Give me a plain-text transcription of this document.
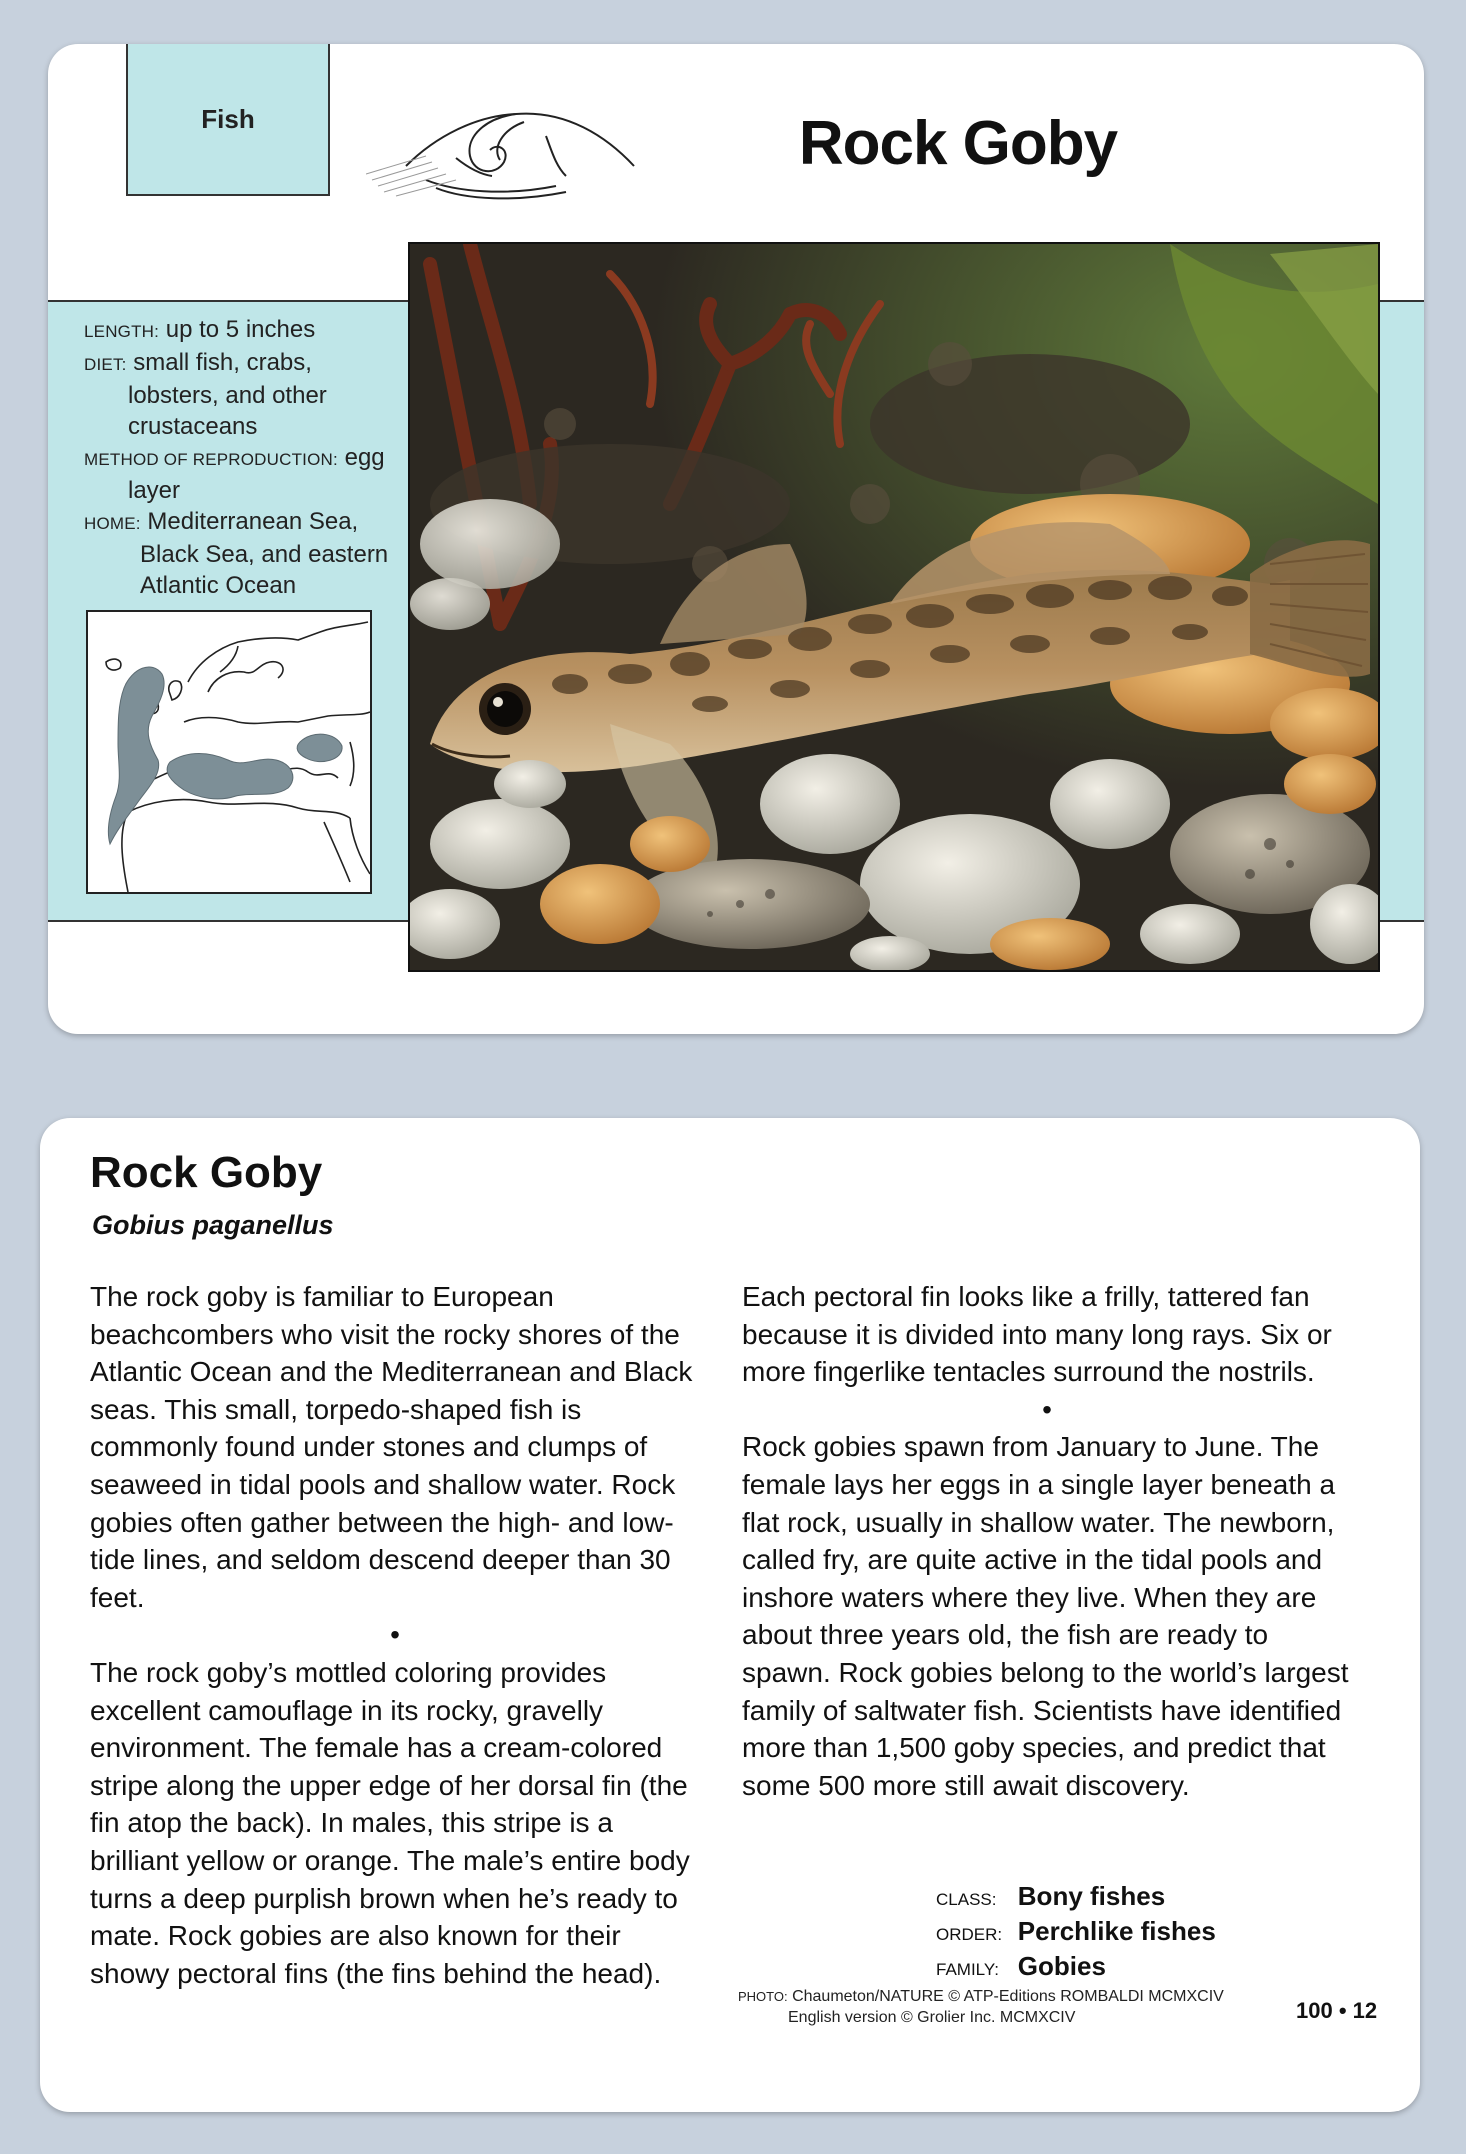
Fish	Rock Goby
LENGTH: up to 5 inches
DIET: small fish, crabs,
lobsters, and other
crustaceans
METHOD OF REPRODUCTION: egg
layer
HOME: Mediterranean Sea,
Black Sea, and eastern
Atlantic Ocean
Rock Goby
Gobius paganellus

The rock goby is familiar to European beachcombers who visit the rocky shores of the Atlantic Ocean and the Mediterranean and Black seas. This small, torpedo-shaped fish is commonly found under stones and clumps of seaweed in tidal pools and shallow water. Rock gobies often gather between the high- and low-tide lines, and seldom descend deeper than 30 feet.

•

The rock goby’s mottled coloring provides excellent camouflage in its rocky, gravelly environment. The female has a cream-colored stripe along the upper edge of her dorsal fin (the fin atop the back). In males, this stripe is a brilliant yellow or orange. The male’s entire body turns a deep purplish brown when he’s ready to mate. Rock gobies are also known for their showy pectoral fins (the fins behind the head).

Each pectoral fin looks like a frilly, tattered fan because it is divided into many long rays. Six or more fingerlike tentacles surround the nostrils.

•

Rock gobies spawn from January to June. The female lays her eggs in a single layer beneath a flat rock, usually in shallow water. The newborn, called fry, are quite active in the tidal pools and inshore waters where they live. When they are about three years old, the fish are ready to spawn. Rock gobies belong to the world’s largest family of saltwater fish. Scientists have identified more than 1,500 goby species, and predict that some 500 more still await discovery.

CLASS: Bony fishes
ORDER: Perchlike fishes
FAMILY: Gobies
PHOTO: Chaumeton/NATURE © ATP-Editions ROMBALDI MCMXCIV
English version © Grolier Inc. MCMXCIV	100 • 12
